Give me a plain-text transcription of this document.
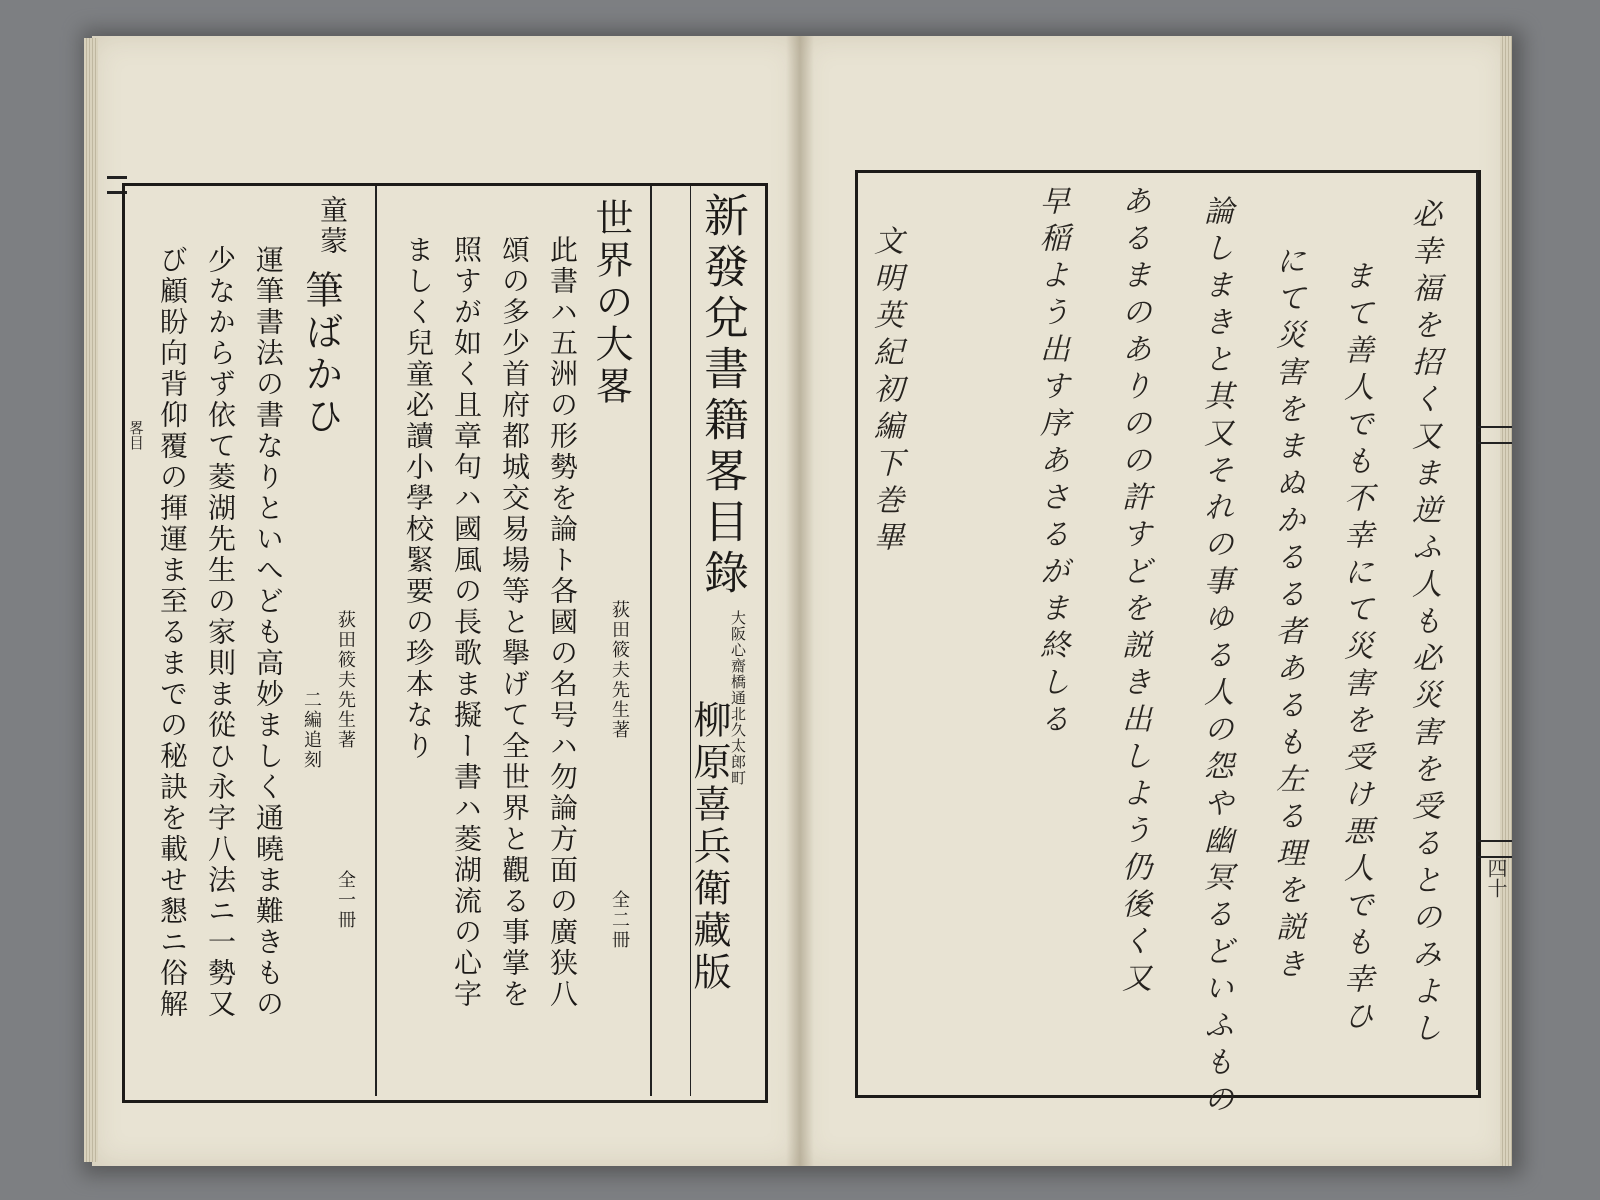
畧目	新發兌書籍畧目錄
大阪心齋橋通北久太郎町
柳原喜兵衛藏版
世界の大畧
荻田筱夫先生著
全二冊
此書ハ五洲の形勢を論ト各國の名号ハ勿論方面の廣狭八
頌の多少首府都城交易場等と擧げて全世界と觀る事掌を
照すが如く且章句ハ國風の長歌ま擬ー書ハ菱湖流の心字
ましく兒童必讀小學校緊要の珍本なり
童蒙
筆ばかひ
荻田筱夫先生著
全一冊
二編追刻
運筆書法の書なりといへども高妙ましく通曉ま難きもの
少なからず依て菱湖先生の家則ま從ひ永字八法ニ一勢又
び顧盼向背仰覆の揮運ま至るまでの秘訣を載せ懇ニ俗解	四十

必幸福を招く又ま逆ふ人も必災害を受るとのみよし
まて善人でも不幸にて災害を受け悪人でも幸ひ
にて災害をまぬかるる者あるも左る理を説き
論しまきと其又それの事ゆる人の怨や幽冥るどいふもの
あるまのありのの許すどを説き出しよう仍後く又
早稲よう出す序あさるがま終しる
文明英紀初編下巻畢
